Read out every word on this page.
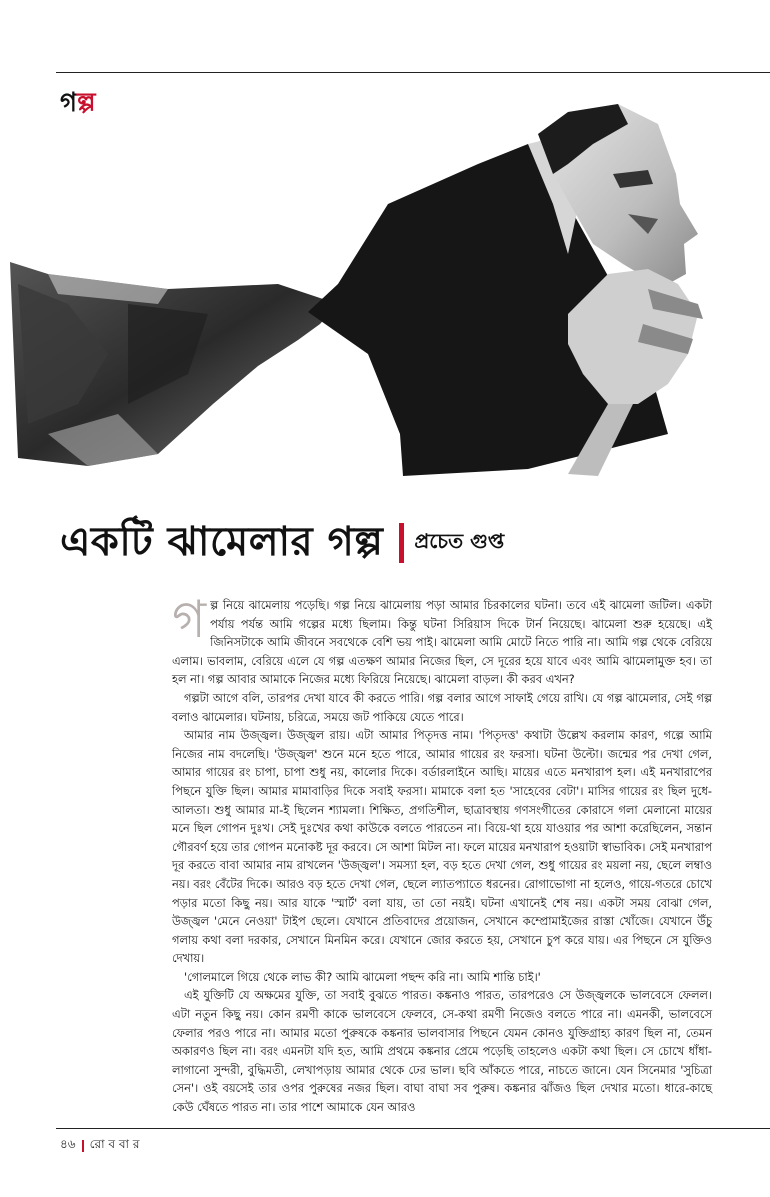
গল্প
একটি ঝামেলার গল্প প্রচেত গুপ্ত

গল্প নিয়ে ঝামেলায় পড়েছি। গল্প নিয়ে ঝামেলায় পড়া আমার চিরকালের ঘটনা। তবে এই ঝামেলা জটিল। একটা পর্যায় পর্যন্ত আমি গল্পের মধ্যে ছিলাম। কিন্তু ঘটনা সিরিয়াস দিকে টার্ন নিয়েছে। ঝামেলা শুরু হয়েছে। এই জিনিসটাকে আমি জীবনে সবথেকে বেশি ভয় পাই। ঝামেলা আমি মোটে নিতে পারি না। আমি গল্প থেকে বেরিয়ে এলাম। ভাবলাম, বেরিয়ে এলে যে গল্প এতক্ষণ আমার নিজের ছিল, সে দূরের হয়ে যাবে এবং আমি ঝামেলামুক্ত হব। তা হল না। গল্প আবার আমাকে নিজের মধ্যে ফিরিয়ে নিয়েছে। ঝামেলা বাড়ল। কী করব এখন?

গল্পটা আগে বলি, তারপর দেখা যাবে কী করতে পারি। গল্প বলার আগে সাফাই গেয়ে রাখি। যে গল্প ঝামেলার, সেই গল্প বলাও ঝামেলার। ঘটনায়, চরিত্রে, সময়ে জট পাকিয়ে যেতে পারে।

আমার নাম উজ্জ্বল। উজ্জ্বল রায়। এটা আমার পিতৃদত্ত নাম। 'পিতৃদত্ত' কথাটা উল্লেখ করলাম কারণ, গল্পে আমি নিজের নাম বদলেছি। 'উজ্জ্বল' শুনে মনে হতে পারে, আমার গায়ের রং ফরসা। ঘটনা উল্টো। জন্মের পর দেখা গেল, আমার গায়ের রং চাপা, চাপা শুধু নয়, কালোর দিকে। বর্ডারলাইনে আছি। মায়ের এতে মনখারাপ হল। এই মনখারাপের পিছনে যুক্তি ছিল। আমার মামাবাড়ির দিকে সবাই ফরসা। মামাকে বলা হত 'সাহেবের বেটা'। মাসির গায়ের রং ছিল দুধে-আলতা। শুধু আমার মা-ই ছিলেন শ্যামলা। শিক্ষিত, প্রগতিশীল, ছাত্রাবস্থায় গণসংগীতের কোরাসে গলা মেলানো মায়ের মনে ছিল গোপন দুঃখ। সেই দুঃখের কথা কাউকে বলতে পারতেন না। বিয়ে-থা হয়ে যাওয়ার পর আশা করেছিলেন, সন্তান গৌরবর্ণ হয়ে তার গোপন মনোকষ্ট দূর করবে। সে আশা মিটল না। ফলে মায়ের মনখারাপ হওয়াটা স্বাভাবিক। সেই মনখারাপ দূর করতে বাবা আমার নাম রাখলেন 'উজ্জ্বল'। সমস্যা হল, বড় হতে দেখা গেল, শুধু গায়ের রং ময়লা নয়, ছেলে লম্বাও নয়। বরং বেঁটের দিকে। আরও বড় হতে দেখা গেল, ছেলে ল্যাতপ্যাতে ধরনের। রোগাভোগা না হলেও, গায়ে-গতরে চোখে পড়ার মতো কিছু নয়। আর যাকে 'স্মার্ট' বলা যায়, তা তো নয়ই। ঘটনা এখানেই শেষ নয়। একটা সময় বোঝা গেল, উজ্জ্বল 'মেনে নেওয়া' টাইপ ছেলে। যেখানে প্রতিবাদের প্রয়োজন, সেখানে কম্প্রোমাইজের রাস্তা খোঁজে। যেখানে উঁচু গলায় কথা বলা দরকার, সেখানে মিনমিন করে। যেখানে জোর করতে হয়, সেখানে চুপ করে যায়। এর পিছনে সে যুক্তিও দেখায়।

'গোলমালে গিয়ে থেকে লাভ কী? আমি ঝামেলা পছন্দ করি না। আমি শান্তি চাই।'

এই যুক্তিটি যে অক্ষমের যুক্তি, তা সবাই বুঝতে পারত। কঙ্কনাও পারত, তারপরেও সে উজ্জ্বলকে ভালবেসে ফেলল। এটা নতুন কিছু নয়। কোন রমণী কাকে ভালবেসে ফেলবে, সে-কথা রমণী নিজেও বলতে পারে না। এমনকী, ভালবেসে ফেলার পরও পারে না। আমার মতো পুরুষকে কঙ্কনার ভালবাসার পিছনে যেমন কোনও যুক্তিগ্রাহ্য কারণ ছিল না, তেমন অকারণও ছিল না। বরং এমনটা যদি হত, আমি প্রথমে কঙ্কনার প্রেমে পড়েছি তাহলেও একটা কথা ছিল। সে চোখে ধাঁধা-লাগানো সুন্দরী, বুদ্ধিমতী, লেখাপড়ায় আমার থেকে ঢের ভাল। ছবি আঁকতে পারে, নাচতে জানে। যেন সিনেমার 'সুচিত্রা সেন'। ওই বয়সেই তার ওপর পুরুষের নজর ছিল। বাঘা বাঘা সব পুরুষ। কঙ্কনার ঝাঁজও ছিল দেখার মতো। ধারে-কাছে কেউ ঘেঁষতে পারত না। তার পাশে আমাকে যেন আরও

৪৬ রো ব বা র
